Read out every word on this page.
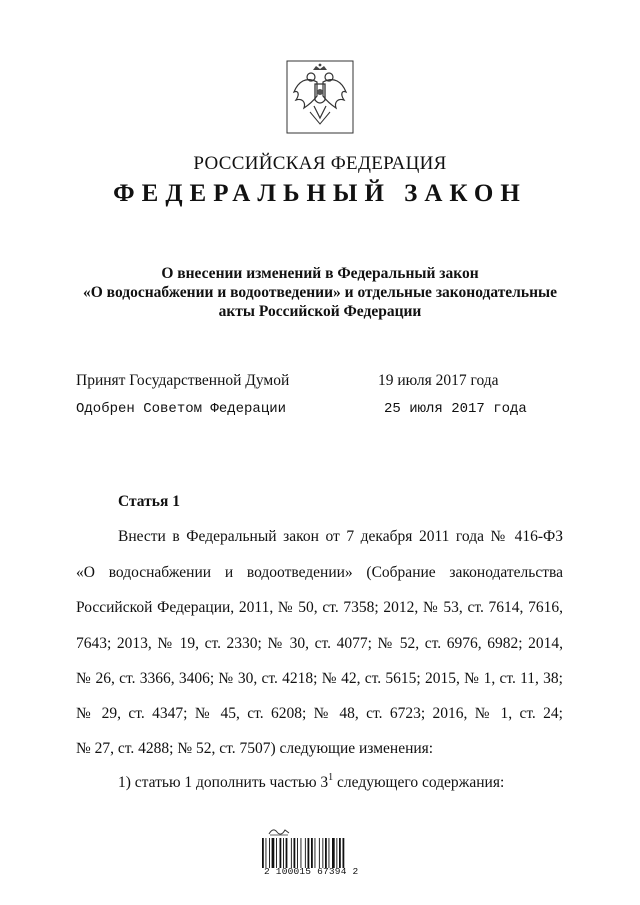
РОССИЙСКАЯ ФЕДЕРАЦИЯ
ФЕДЕРАЛЬНЫЙ ЗАКОН
О внесении изменений в Федеральный закон
«О водоснабжении и водоотведении» и отдельные законодательные
акты Российской Федерации
Принят Государственной Думой	19 июля 2017 года
Одобрен Советом Федерации	25 июля 2017 года
Статья 1
Внести в Федеральный закон от 7 декабря 2011 года № 416-ФЗ
«О водоснабжении и водоотведении» (Собрание законодательства
Российской Федерации, 2011, № 50, ст. 7358; 2012, № 53, ст. 7614, 7616,
7643; 2013, № 19, ст. 2330; № 30, ст. 4077; № 52, ст. 6976, 6982; 2014,
№ 26, ст. 3366, 3406; № 30, ст. 4218; № 42, ст. 5615; 2015, № 1, ст. 11, 38;
№ 29, ст. 4347; № 45, ст. 6208; № 48, ст. 6723; 2016, № 1, ст. 24;
№ 27, ст. 4288; № 52, ст. 7507) следующие изменения:
1) статью 1 дополнить частью $3^1$ следующего содержания:
2 100015 67394 2
